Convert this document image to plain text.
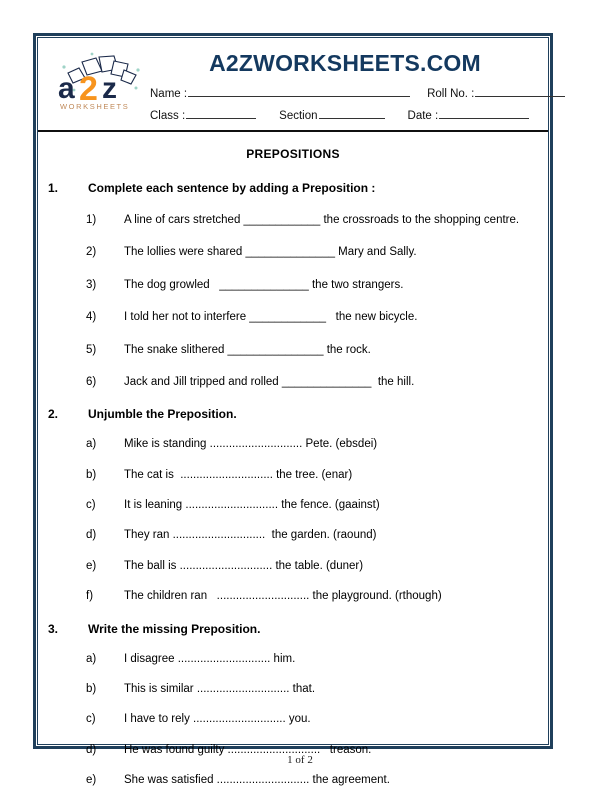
a 2 z
WORKSHEETS
A2ZWORKSHEETS.COM
Name :	Roll No. :
Class :	Section	Date :
PREPOSITIONS
1.	Complete each sentence by adding a Preposition :
1)	A line of cars stretched ____________ the crossroads to the shopping centre.
2)	The lollies were shared ______________ Mary and Sally.
3)	The dog growled   ______________ the two strangers.
4)	I told her not to interfere ____________   the new bicycle.
5)	The snake slithered _______________ the rock.
6)	Jack and Jill tripped and rolled ______________  the hill.
2.	Unjumble the Preposition.
a)	Mike is standing ............................. Pete. (ebsdei)
b)	The cat is  ............................. the tree. (enar)
c)	It is leaning ............................. the fence. (gaainst)
d)	They ran .............................  the garden. (raound)
e)	The ball is ............................. the table. (duner)
f)	The children ran   ............................. the playground. (rthough)
3.	Write the missing Preposition.
a)	I disagree ............................. him.
b)	This is similar ............................. that.
c)	I have to rely ............................. you.
d)	He was found guilty .............................   treason.
e)	She was satisfied ............................. the agreement.
1 of 2
